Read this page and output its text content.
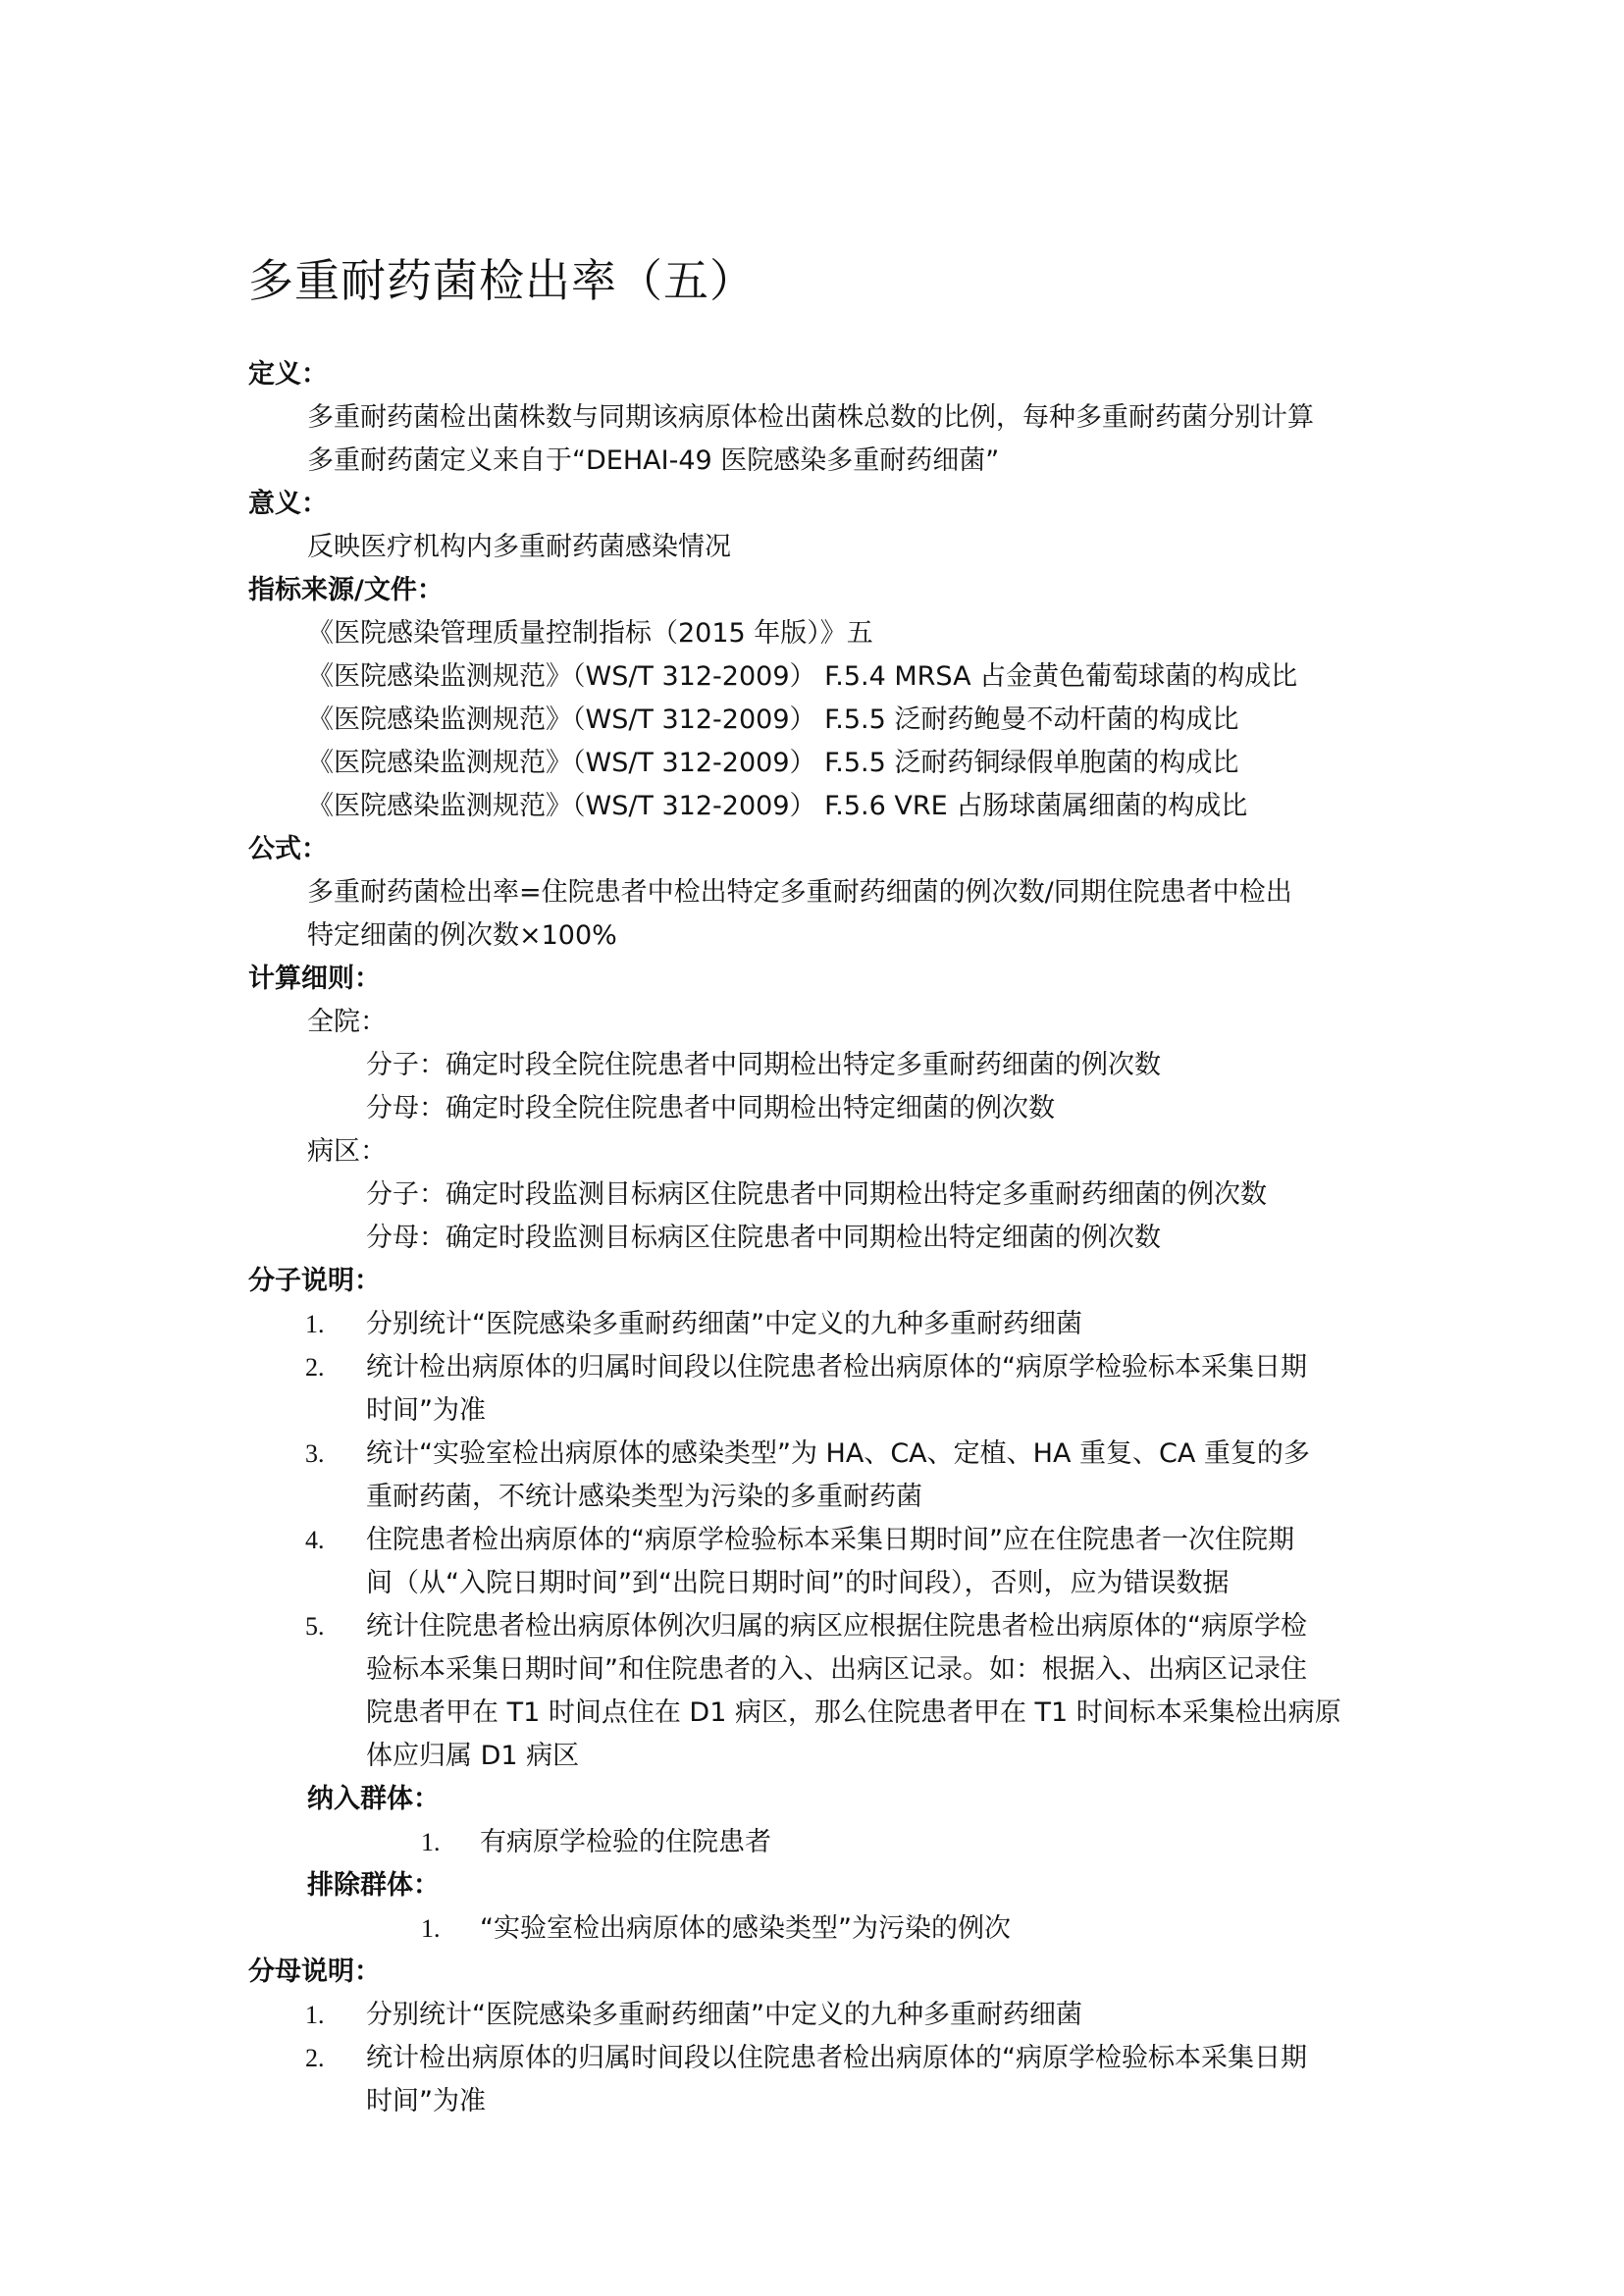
多重耐药菌检出率（五）
定义：
多重耐药菌检出菌株数与同期该病原体检出菌株总数的比例，每种多重耐药菌分别计算
多重耐药菌定义来自于“DEHAI-49 医院感染多重耐药细菌”
意义：
反映医疗机构内多重耐药菌感染情况
指标来源/文件：
《医院感染管理质量控制指标（2015 年版）》五
《医院感染监测规范》（WS/T 312-2009） F.5.4 MRSA 占金黄色葡萄球菌的构成比
《医院感染监测规范》（WS/T 312-2009） F.5.5 泛耐药鲍曼不动杆菌的构成比
《医院感染监测规范》（WS/T 312-2009） F.5.5 泛耐药铜绿假单胞菌的构成比
《医院感染监测规范》（WS/T 312-2009） F.5.6 VRE 占肠球菌属细菌的构成比
公式：
多重耐药菌检出率=住院患者中检出特定多重耐药细菌的例次数/同期住院患者中检出
特定细菌的例次数×100%
计算细则：
全院：
分子：确定时段全院住院患者中同期检出特定多重耐药细菌的例次数
分母：确定时段全院住院患者中同期检出特定细菌的例次数
病区：
分子：确定时段监测目标病区住院患者中同期检出特定多重耐药细菌的例次数
分母：确定时段监测目标病区住院患者中同期检出特定细菌的例次数
分子说明：
1. 分别统计“医院感染多重耐药细菌”中定义的九种多重耐药细菌
2. 统计检出病原体的归属时间段以住院患者检出病原体的“病原学检验标本采集日期
时间”为准
3. 统计“实验室检出病原体的感染类型”为 HA、CA、定植、HA 重复、CA 重复的多
重耐药菌，不统计感染类型为污染的多重耐药菌
4. 住院患者检出病原体的“病原学检验标本采集日期时间”应在住院患者一次住院期
间（从“入院日期时间”到“出院日期时间”的时间段），否则，应为错误数据
5. 统计住院患者检出病原体例次归属的病区应根据住院患者检出病原体的“病原学检
验标本采集日期时间”和住院患者的入、出病区记录。如：根据入、出病区记录住
院患者甲在 T1 时间点住在 D1 病区，那么住院患者甲在 T1 时间标本采集检出病原
体应归属 D1 病区
纳入群体：
1. 有病原学检验的住院患者
排除群体：
1. “实验室检出病原体的感染类型”为污染的例次
分母说明：
1. 分别统计“医院感染多重耐药细菌”中定义的九种多重耐药细菌
2. 统计检出病原体的归属时间段以住院患者检出病原体的“病原学检验标本采集日期
时间”为准
